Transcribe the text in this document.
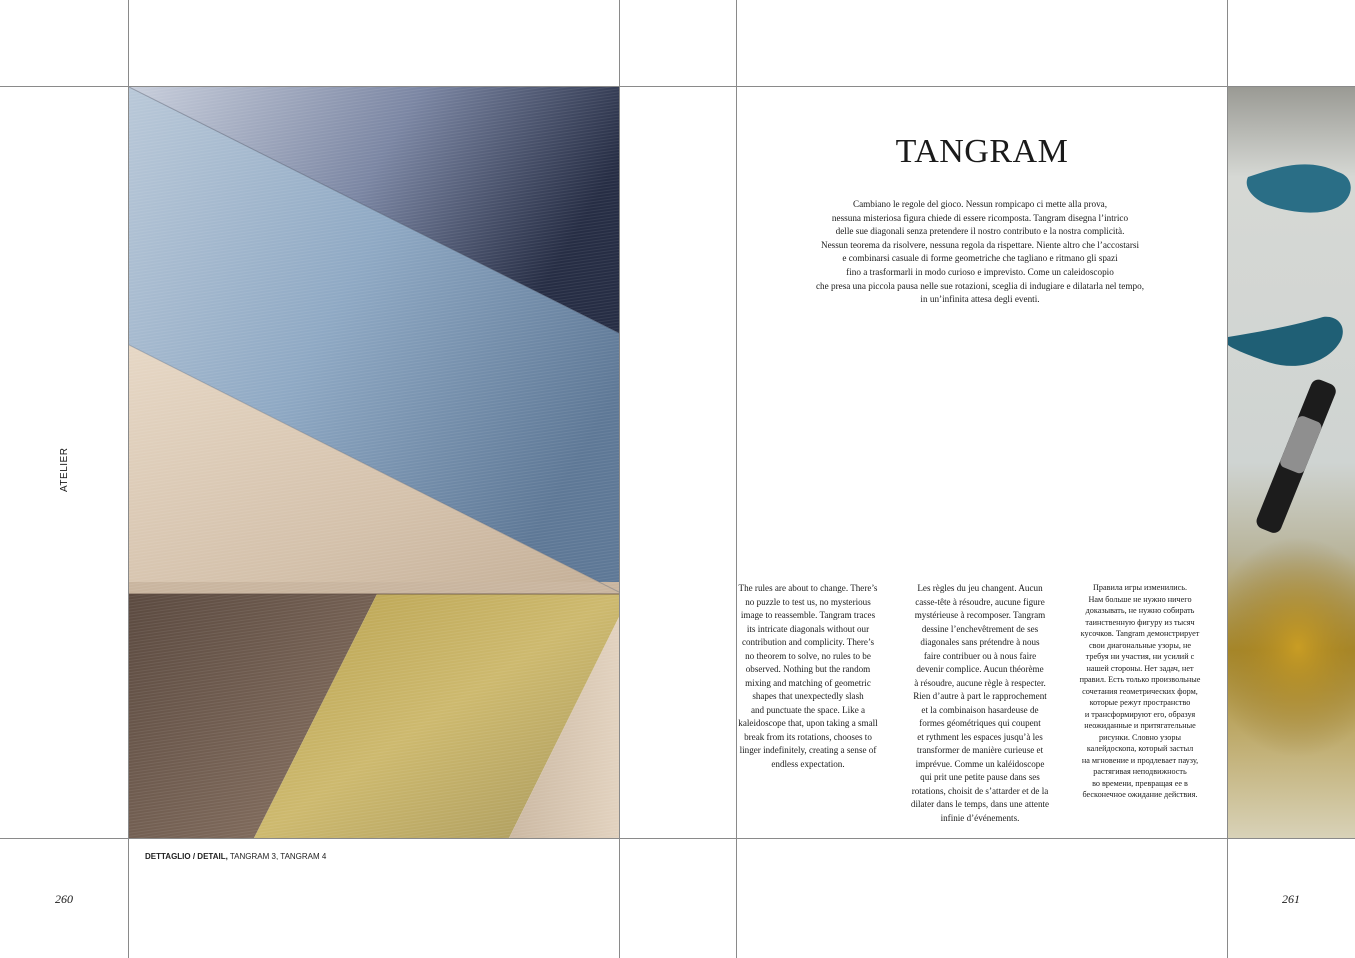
ATELIER
DETTAGLIO / DETAIL, TANGRAM 3, TANGRAM 4
260
TANGRAM
Cambiano le regole del gioco. Nessun rompicapo ci mette alla prova,
nessuna misteriosa figura chiede di essere ricomposta. Tangram disegna l’intrico
delle sue diagonali senza pretendere il nostro contributo e la nostra complicità.
Nessun teorema da risolvere, nessuna regola da rispettare. Niente altro che l’accostarsi
e combinarsi casuale di forme geometriche che tagliano e ritmano gli spazi
fino a trasformarli in modo curioso e imprevisto. Come un caleidoscopio
che presa una piccola pausa nelle sue rotazioni, sceglia di indugiare e dilatarla nel tempo,
in un’infinita attesa degli eventi.
The rules are about to change. There’s
no puzzle to test us, no mysterious
image to reassemble. Tangram traces
its intricate diagonals without our
contribution and complicity. There’s
no theorem to solve, no rules to be
observed. Nothing but the random
mixing and matching of geometric
shapes that unexpectedly slash
and punctuate the space. Like a
kaleidoscope that, upon taking a small
break from its rotations, chooses to
linger indefinitely, creating a sense of
endless expectation.
Les règles du jeu changent. Aucun
casse-tête à résoudre, aucune figure
mystérieuse à recomposer. Tangram
dessine l’enchevêtrement de ses
diagonales sans prétendre à nous
faire contribuer ou à nous faire
devenir complice. Aucun théorème
à résoudre, aucune règle à respecter.
Rien d’autre à part le rapprochement
et la combinaison hasardeuse de
formes géométriques qui coupent
et rythment les espaces jusqu’à les
transformer de manière curieuse et
imprévue. Comme un kaléidoscope
qui prit une petite pause dans ses
rotations, choisit de s’attarder et de la
dilater dans le temps, dans une attente
infinie d’événements.
Правила игры изменились.
Нам больше не нужно ничего
доказывать, не нужно собирать
таинственную фигуру из тысяч
кусочков. Tangram демонстрирует
свои диагональные узоры, не
требуя ни участия, ни усилий с
нашей стороны. Нет задач, нет
правил. Есть только произвольные
сочетания геометрических форм,
которые режут пространство
и трансформируют его, образуя
неожиданные и притягательные
рисунки. Словно узоры
калейдоскопа, который застыл
на мгновение и продлевает паузу,
растягивая неподвижность
во времени, превращая ее в
бесконечное ожидание действия.
261
